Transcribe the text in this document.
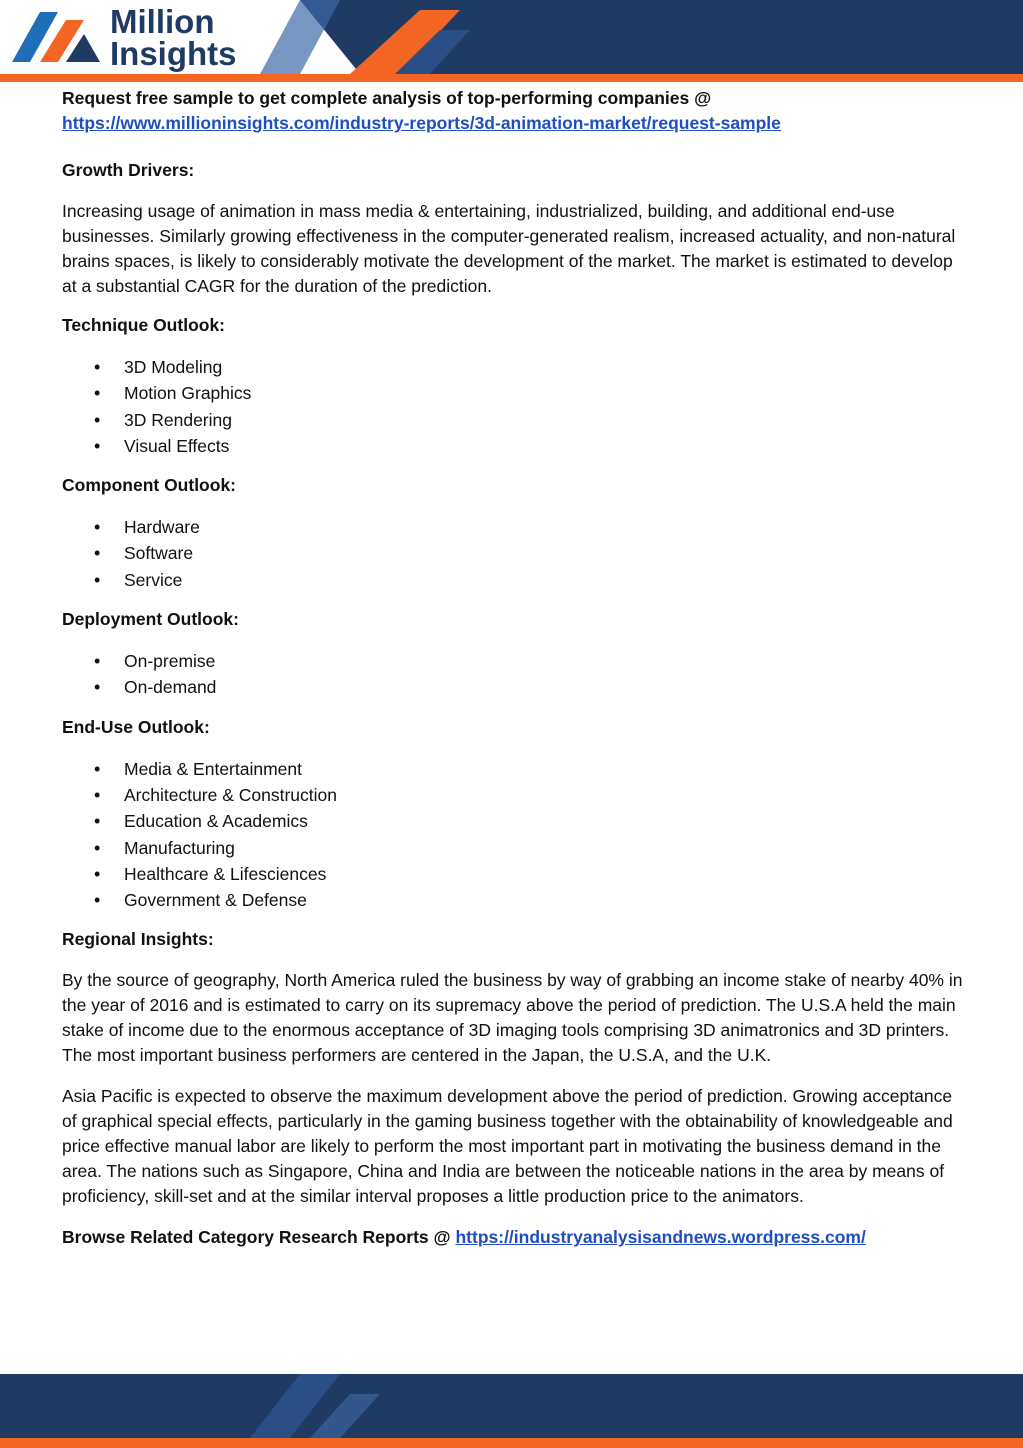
Million
Insights

Request free sample to get complete analysis of top-performing companies @

https://www.millioninsights.com/industry-reports/3d-animation-market/request-sample

Growth Drivers:

Increasing usage of animation in mass media & entertaining, industrialized, building, and additional end-use businesses. Similarly growing effectiveness in the computer-generated realism, increased actuality, and non-natural brains spaces, is likely to considerably motivate the development of the market. The market is estimated to develop at a substantial CAGR for the duration of the prediction.

Technique Outlook:

• 3D Modeling
• Motion Graphics
• 3D Rendering
• Visual Effects

Component Outlook:

• Hardware
• Software
• Service

Deployment Outlook:

• On-premise
• On-demand

End-Use Outlook:

• Media & Entertainment
• Architecture & Construction
• Education & Academics
• Manufacturing
• Healthcare & Lifesciences
• Government & Defense

Regional Insights:

By the source of geography, North America ruled the business by way of grabbing an income stake of nearby 40% in the year of 2016 and is estimated to carry on its supremacy above the period of prediction. The U.S.A held the main stake of income due to the enormous acceptance of 3D imaging tools comprising 3D animatronics and 3D printers. The most important business performers are centered in the Japan, the U.S.A, and the U.K.

Asia Pacific is expected to observe the maximum development above the period of prediction. Growing acceptance of graphical special effects, particularly in the gaming business together with the obtainability of knowledgeable and price effective manual labor are likely to perform the most important part in motivating the business demand in the area. The nations such as Singapore, China and India are between the noticeable nations in the area by means of proficiency, skill-set and at the similar interval proposes a little production price to the animators.

Browse Related Category Research Reports @ https://industryanalysisandnews.wordpress.com/
